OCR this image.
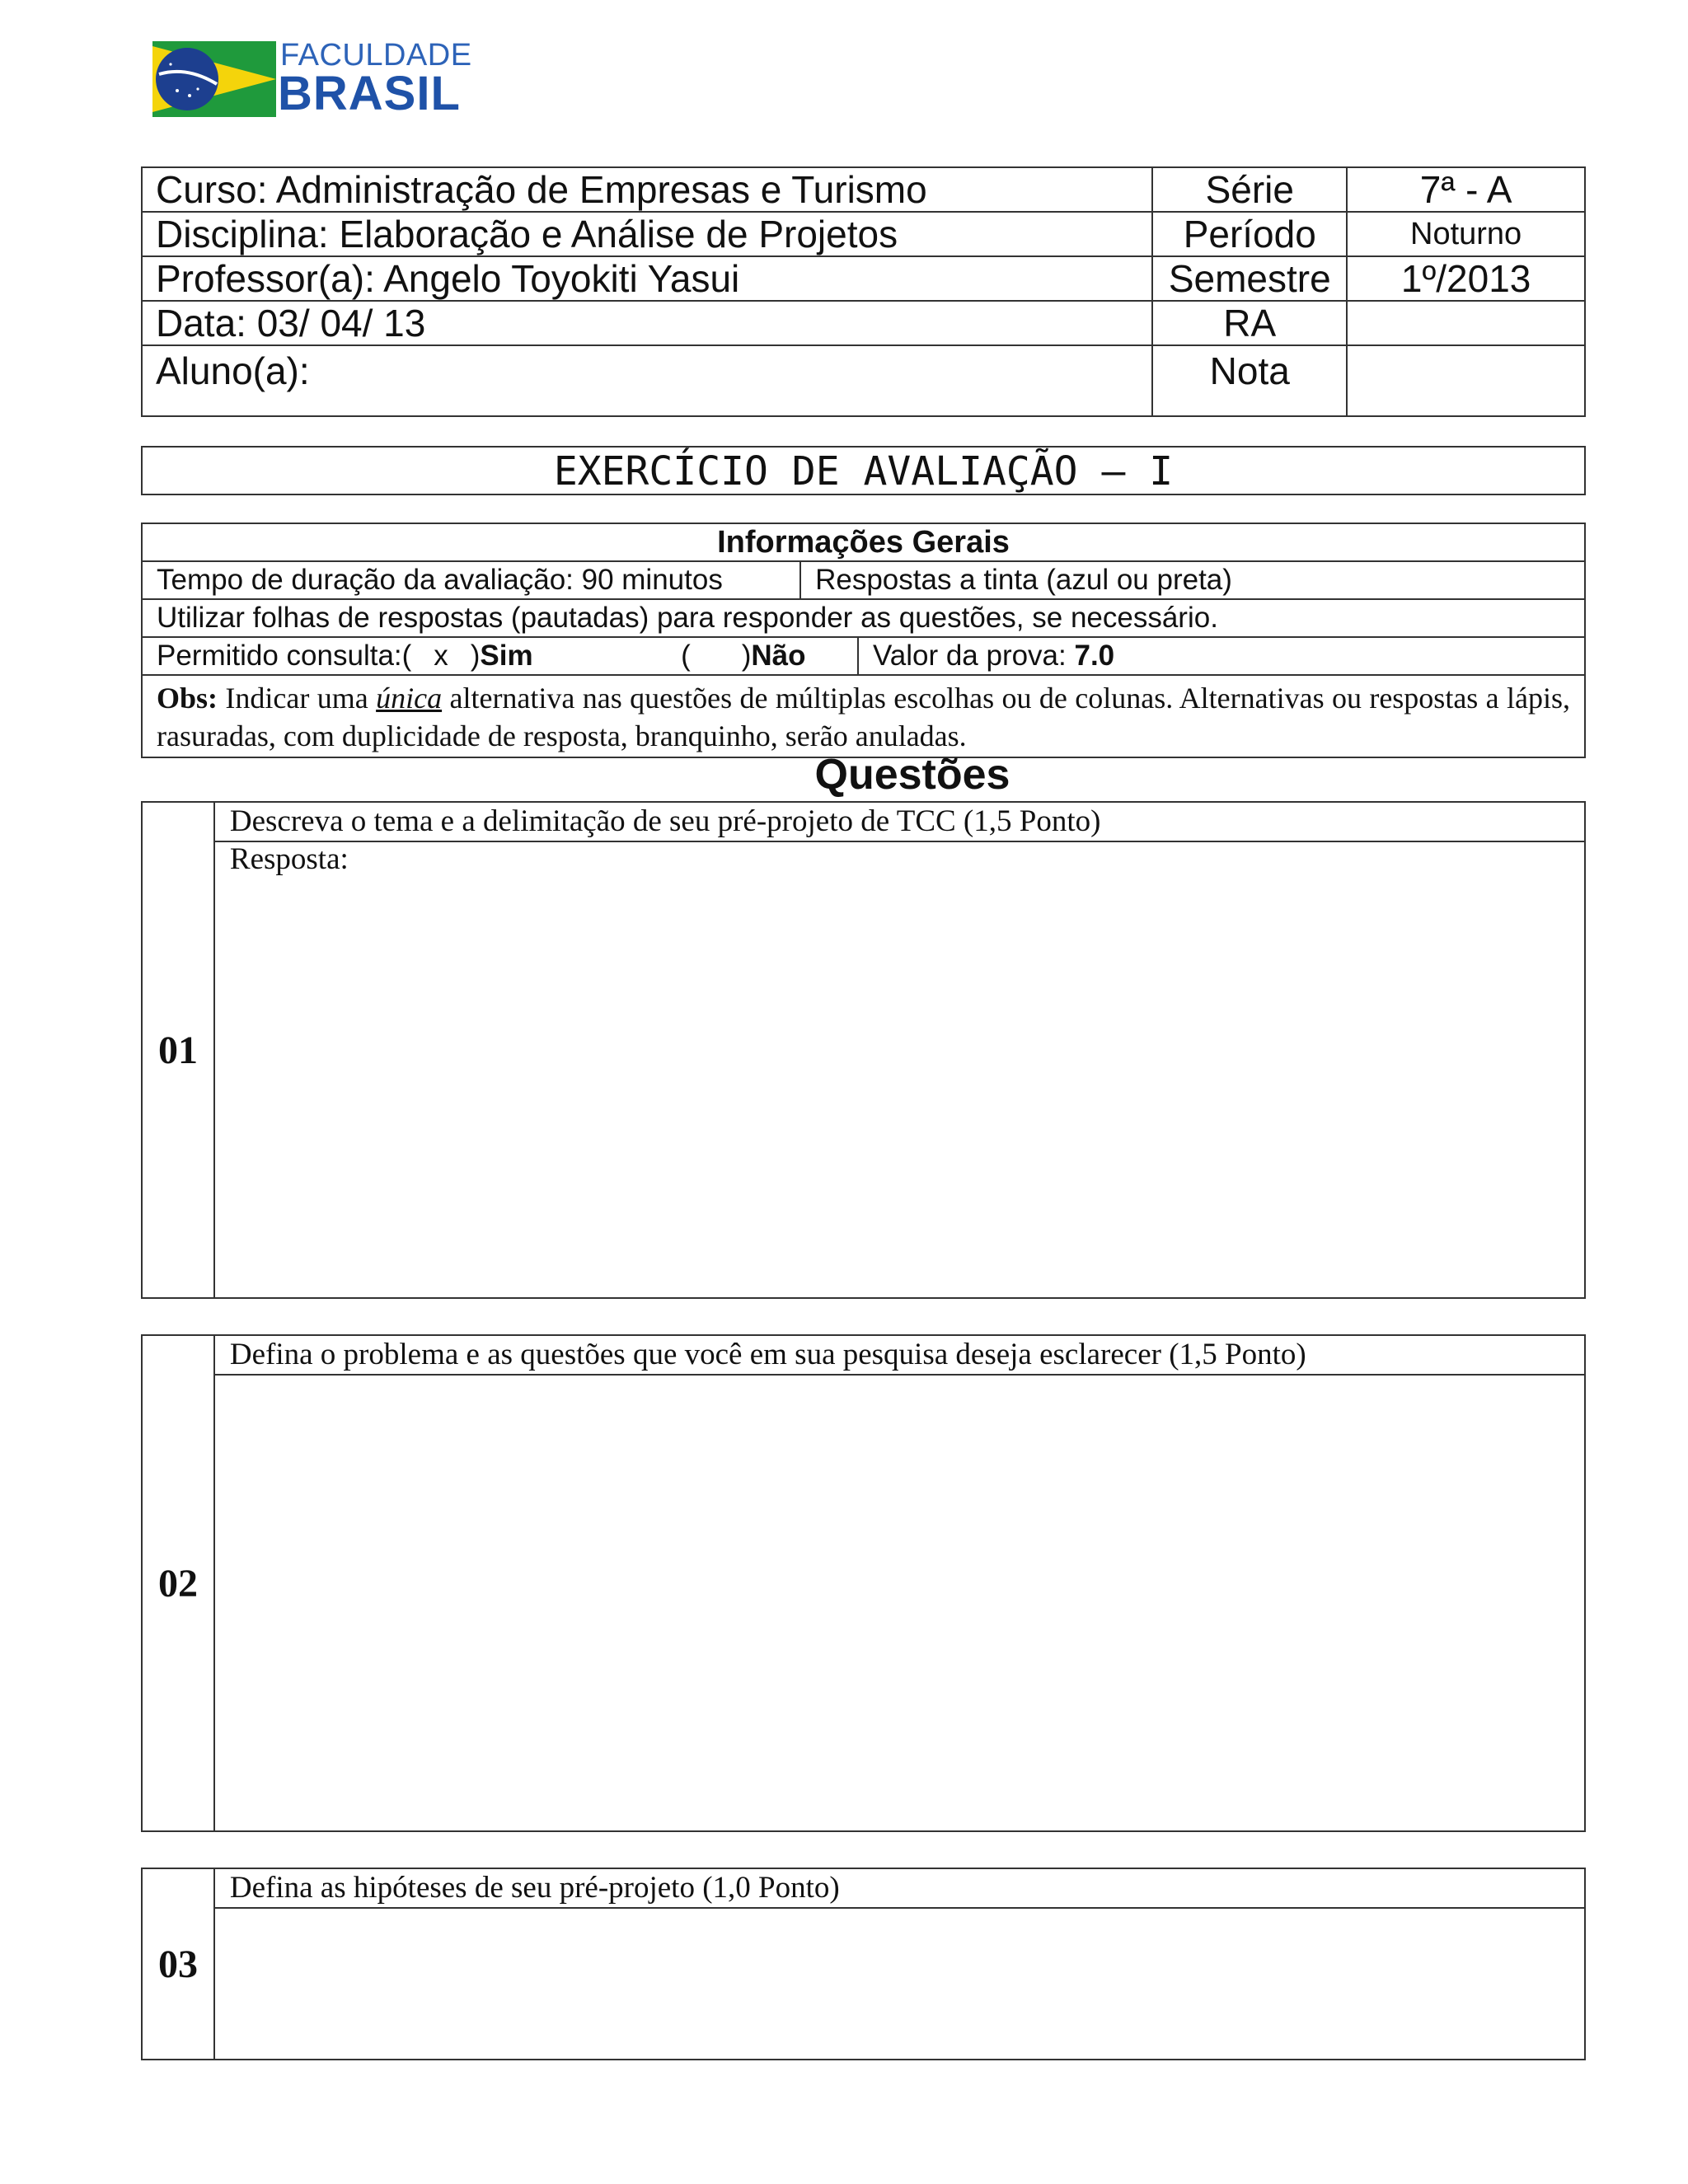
FACULDADE
BRASIL
Curso: Administração de Empresas e Turismo	Série	7ª - A
Disciplina: Elaboração e Análise de Projetos	Período	Noturno
Professor(a): Angelo Toyokiti Yasui	Semestre	1º/2013
Data: 03/ 04/ 13	RA	
Aluno(a):	Nota	
EXERCÍCIO DE AVALIAÇÃO – I
Informações Gerais		
Tempo de duração da avaliação: 90 minutos	Respostas a tinta (azul ou preta)	
Utilizar folhas de respostas (pautadas) para responder as questões, se necessário.		
Permitido consulta:( x )Sim ( )Não		Valor da prova: 7.0
Obs: Indicar uma única alternativa nas questões de múltiplas escolhas ou de colunas. Alternativas ou respostas a lápis, rasuradas, com duplicidade de resposta, branquinho, serão anuladas.		
Questões
01	Descreva o tema e a delimitação de seu pré-projeto de TCC (1,5 Ponto)
Resposta:
02	Defina o problema e as questões que você em sua pesquisa deseja esclarecer (1,5 Ponto)

03	Defina as hipóteses de seu pré-projeto (1,0 Ponto)
